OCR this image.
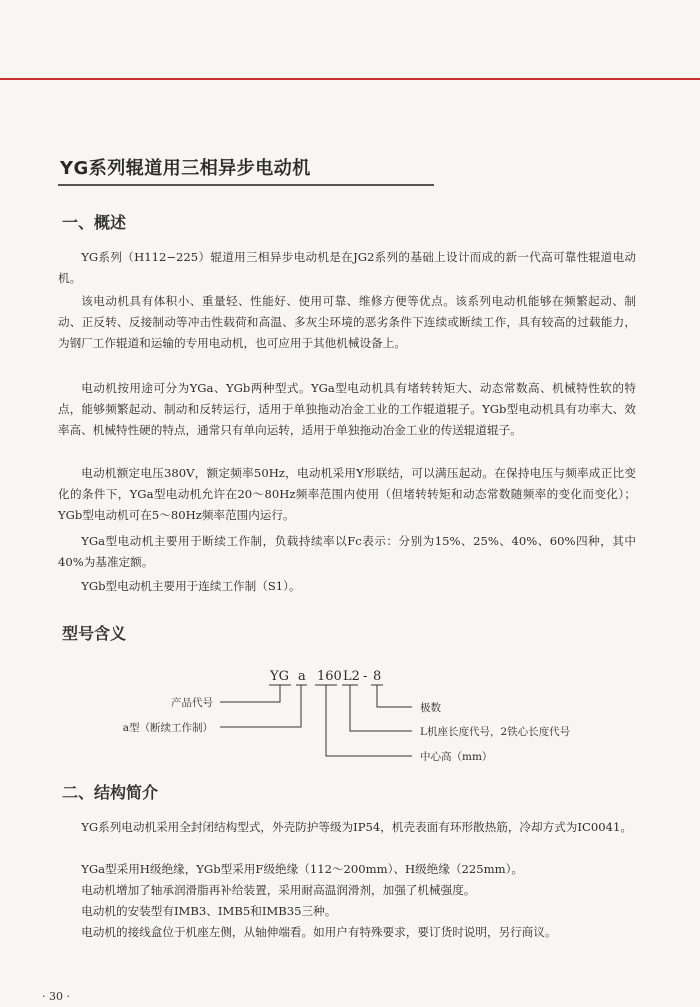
YG系列辊道用三相异步电动机
一、概述

YG系列（H112−225）辊道用三相异步电动机是在JG2系列的基础上设计而成的新一代高可靠性辊道电动机。

该电动机具有体积小、重量轻、性能好、使用可靠、维修方便等优点。该系列电动机能够在频繁起动、制动、正反转、反接制动等冲击性载荷和高温、多灰尘环境的恶劣条件下连续或断续工作，具有较高的过载能力，为钢厂工作辊道和运输的专用电动机，也可应用于其他机械设备上。

电动机按用途可分为YGa、YGb两种型式。YGa型电动机具有堵转转矩大、动态常数高、机械特性软的特点，能够频繁起动、制动和反转运行，适用于单独拖动冶金工业的工作辊道辊子。YGb型电动机具有功率大、效率高、机械特性硬的特点，通常只有单向运转，适用于单独拖动冶金工业的传送辊道辊子。

电动机额定电压380V，额定频率50Hz，电动机采用Y形联结，可以满压起动。在保持电压与频率成正比变化的条件下，YGa型电动机允许在20～80Hz频率范围内使用（但堵转转矩和动态常数随频率的变化而变化）；YGb型电动机可在5～80Hz频率范围内运行。

YGa型电动机主要用于断续工作制，负载持续率以Fc表示：分别为15%、25%、40%、60%四种，其中40%为基准定额。

YGb型电动机主要用于连续工作制（S1）。

型号含义
YG a 160 L2 - 8
产品代号
a型（断续工作制）
极数
L机座长度代号，2铁心长度代号
中心高（mm）
二、结构简介

YG系列电动机采用全封闭结构型式，外壳防护等级为IP54，机壳表面有环形散热筋，冷却方式为IC0041。

YGa型采用H级绝缘，YGb型采用F级绝缘（112～200mm）、H级绝缘（225mm）。

电动机增加了轴承润滑脂再补给装置，采用耐高温润滑剂，加强了机械强度。

电动机的安装型有IMB3、IMB5和IMB35三种。

电动机的接线盒位于机座左侧，从轴伸端看。如用户有特殊要求，要订货时说明，另行商议。

· 30 ·
